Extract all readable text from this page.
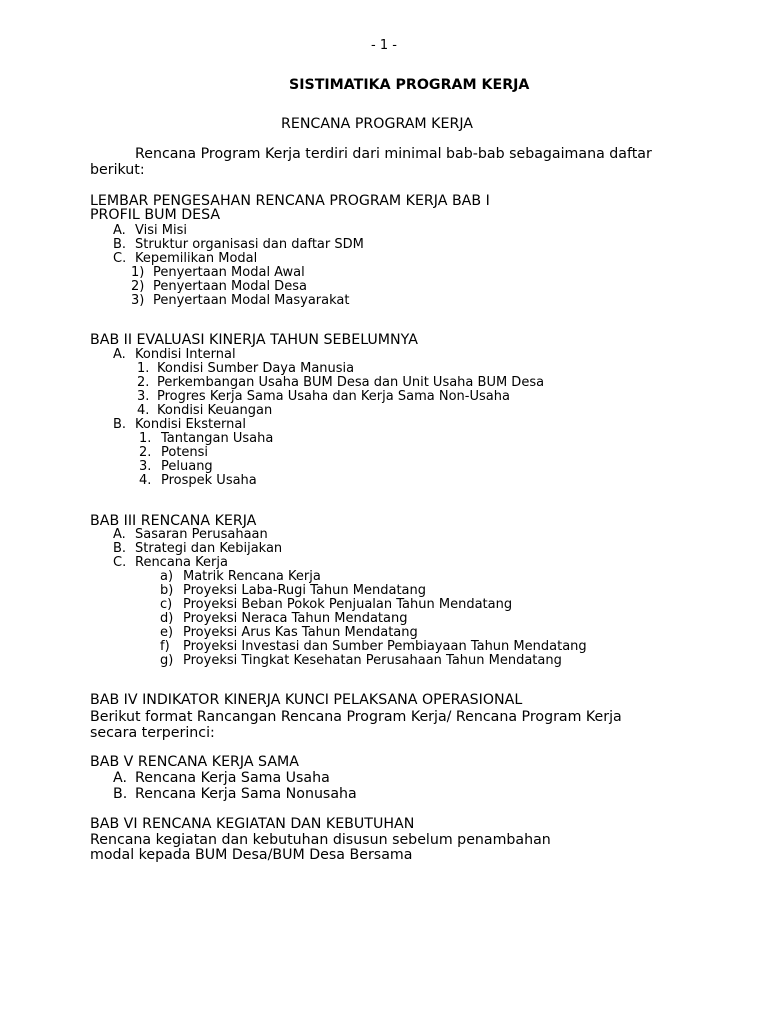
- 1 -
SISTIMATIKA PROGRAM KERJA
RENCANA PROGRAM KERJA
Rencana Program Kerja terdiri dari minimal bab-bab sebagaimana daftar
berikut:
LEMBAR PENGESAHAN RENCANA PROGRAM KERJA BAB I
PROFIL BUM DESA
A. Visi Misi
B. Struktur organisasi dan daftar SDM
C. Kepemilikan Modal
1) Penyertaan Modal Awal
2) Penyertaan Modal Desa
3) Penyertaan Modal Masyarakat
BAB II EVALUASI KINERJA TAHUN SEBELUMNYA
A. Kondisi Internal
1. Kondisi Sumber Daya Manusia
2. Perkembangan Usaha BUM Desa dan Unit Usaha BUM Desa
3. Progres Kerja Sama Usaha dan Kerja Sama Non-Usaha
4. Kondisi Keuangan
B. Kondisi Eksternal
1. Tantangan Usaha
2. Potensi
3. Peluang
4. Prospek Usaha
BAB III RENCANA KERJA
A. Sasaran Perusahaan
B. Strategi dan Kebijakan
C. Rencana Kerja
a) Matrik Rencana Kerja
b) Proyeksi Laba-Rugi Tahun Mendatang
c) Proyeksi Beban Pokok Penjualan Tahun Mendatang
d) Proyeksi Neraca Tahun Mendatang
e) Proyeksi Arus Kas Tahun Mendatang
f) Proyeksi Investasi dan Sumber Pembiayaan Tahun Mendatang
g) Proyeksi Tingkat Kesehatan Perusahaan Tahun Mendatang
BAB IV INDIKATOR KINERJA KUNCI PELAKSANA OPERASIONAL
Berikut format Rancangan Rencana Program Kerja/ Rencana Program Kerja
secara terperinci:
BAB V RENCANA KERJA SAMA
A. Rencana Kerja Sama Usaha
B. Rencana Kerja Sama Nonusaha
BAB VI RENCANA KEGIATAN DAN KEBUTUHAN
Rencana kegiatan dan kebutuhan disusun sebelum penambahan
modal kepada BUM Desa/BUM Desa Bersama
